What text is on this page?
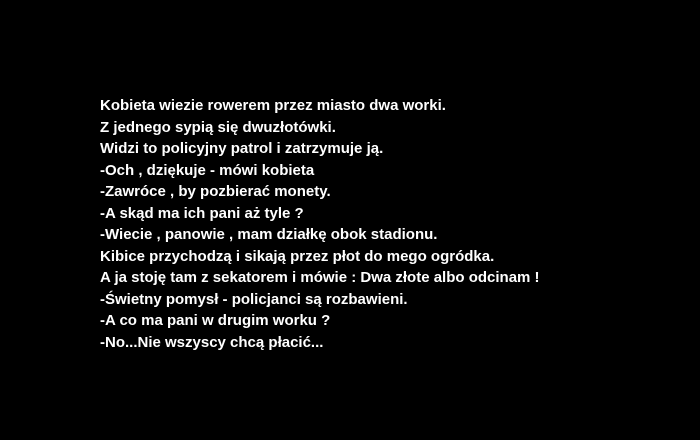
Kobieta wiezie rowerem przez miasto dwa worki.
Z jednego sypią się dwuzłotówki.
Widzi to policyjny patrol i zatrzymuje ją.
-Och , dziękuje - mówi kobieta
-Zawróce , by pozbierać monety.
-A skąd ma ich pani aż tyle ?
-Wiecie , panowie , mam działkę obok stadionu.
Kibice przychodzą i sikają przez płot do mego ogródka.
A ja stoję tam z sekatorem i mówie : Dwa złote albo odcinam !
-Świetny pomysł - policjanci są rozbawieni.
-A co ma pani w drugim worku ?
-No...Nie wszyscy chcą płacić...
